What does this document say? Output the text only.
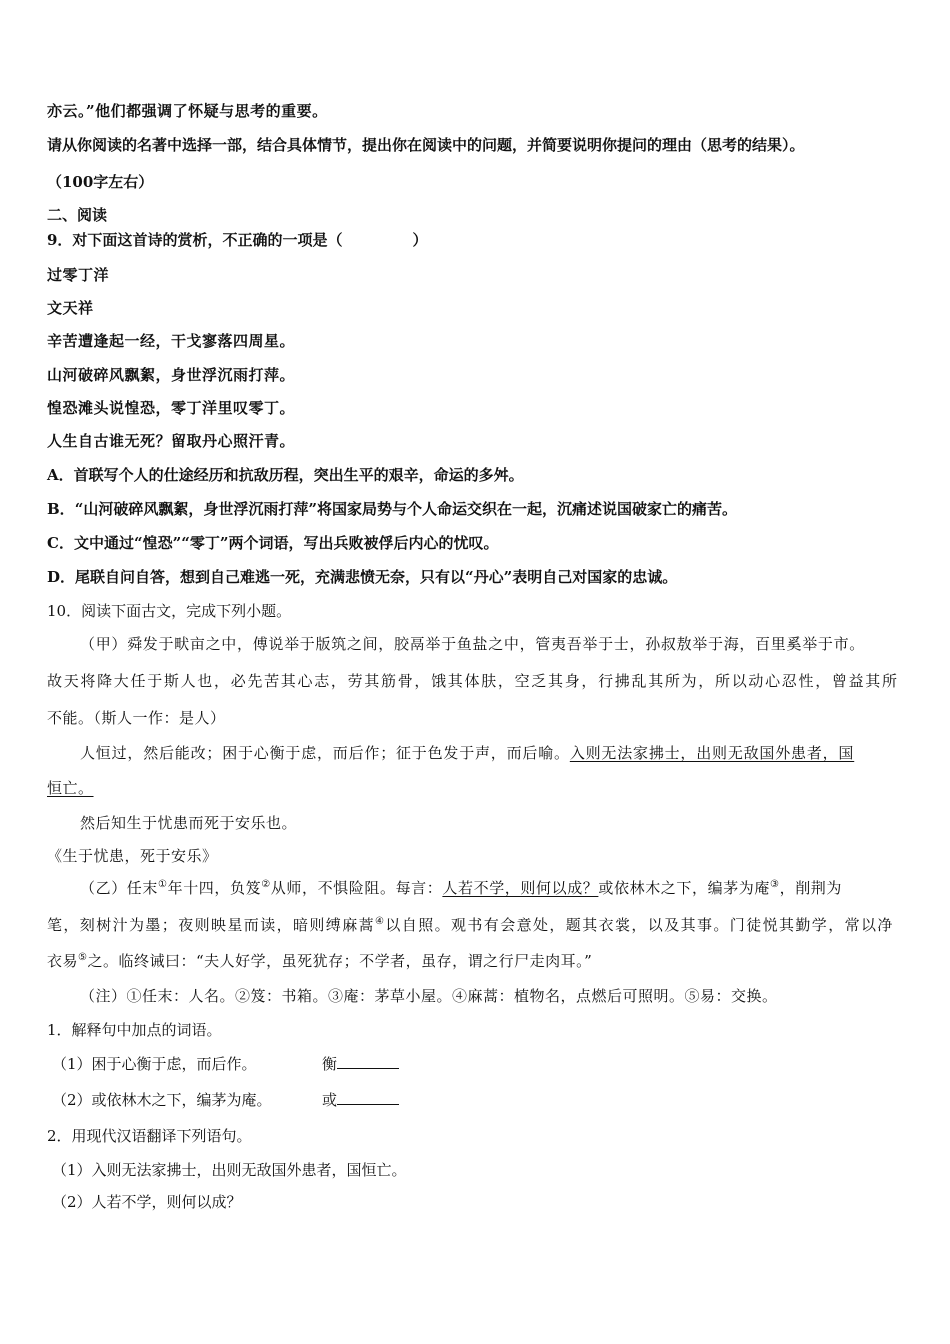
亦云。”他们都强调了怀疑与思考的重要。
请从你阅读的名著中选择一部，结合具体情节，提出你在阅读中的问题，并简要说明你提问的理由（思考的结果）。
（100字左右）
二、阅读
9．对下面这首诗的赏析，不正确的一项是（	）
过零丁洋
文天祥
辛苦遭逢起一经，干戈寥落四周星。
山河破碎风飘絮，身世浮沉雨打萍。
惶恐滩头说惶恐，零丁洋里叹零丁。
人生自古谁无死？留取丹心照汗青。
A．首联写个人的仕途经历和抗敌历程，突出生平的艰辛，命运的多舛。
B．“山河破碎风飘絮，身世浮沉雨打萍”将国家局势与个人命运交织在一起，沉痛述说国破家亡的痛苦。
C．文中通过“惶恐”“零丁”两个词语，写出兵败被俘后内心的忧叹。
D．尾联自问自答，想到自己难逃一死，充满悲愤无奈，只有以“丹心”表明自己对国家的忠诚。
10．阅读下面古文，完成下列小题。
（甲）舜发于畎亩之中，傅说举于版筑之间，胶鬲举于鱼盐之中，管夷吾举于士，孙叔敖举于海，百里奚举于市。
故天将降大任于斯人也，必先苦其心志，劳其筋骨，饿其体肤，空乏其身，行拂乱其所为，所以动心忍性，曾益其所
不能。（斯人一作：是人）
人恒过，然后能改；困于心衡于虑，而后作；征于色发于声，而后喻。入则无法家拂士，出则无敌国外患者，国
恒亡。
然后知生于忧患而死于安乐也。
《生于忧患，死于安乐》
（乙）任末①年十四，负笈②从师，不惧险阻。每言：人若不学，则何以成？或依林木之下，编茅为庵③，削荆为
笔，刻树汁为墨；夜则映星而读，暗则缚麻蒿④以自照。观书有会意处，题其衣裳，以及其事。门徒悦其勤学，常以净
衣易⑤之。临终诫曰：“夫人好学，虽死犹存；不学者，虽存，谓之行尸走肉耳。”
（注）①任末：人名。②笈：书箱。③庵：茅草小屋。④麻蒿：植物名，点燃后可照明。⑤易：交换。
1．解释句中加点的词语。
（1）困于心衡于虑，而后作。	衡
（2）或依林木之下，编茅为庵。	或
2．用现代汉语翻译下列语句。
（1）入则无法家拂士，出则无敌国外患者，国恒亡。
（2）人若不学，则何以成？
